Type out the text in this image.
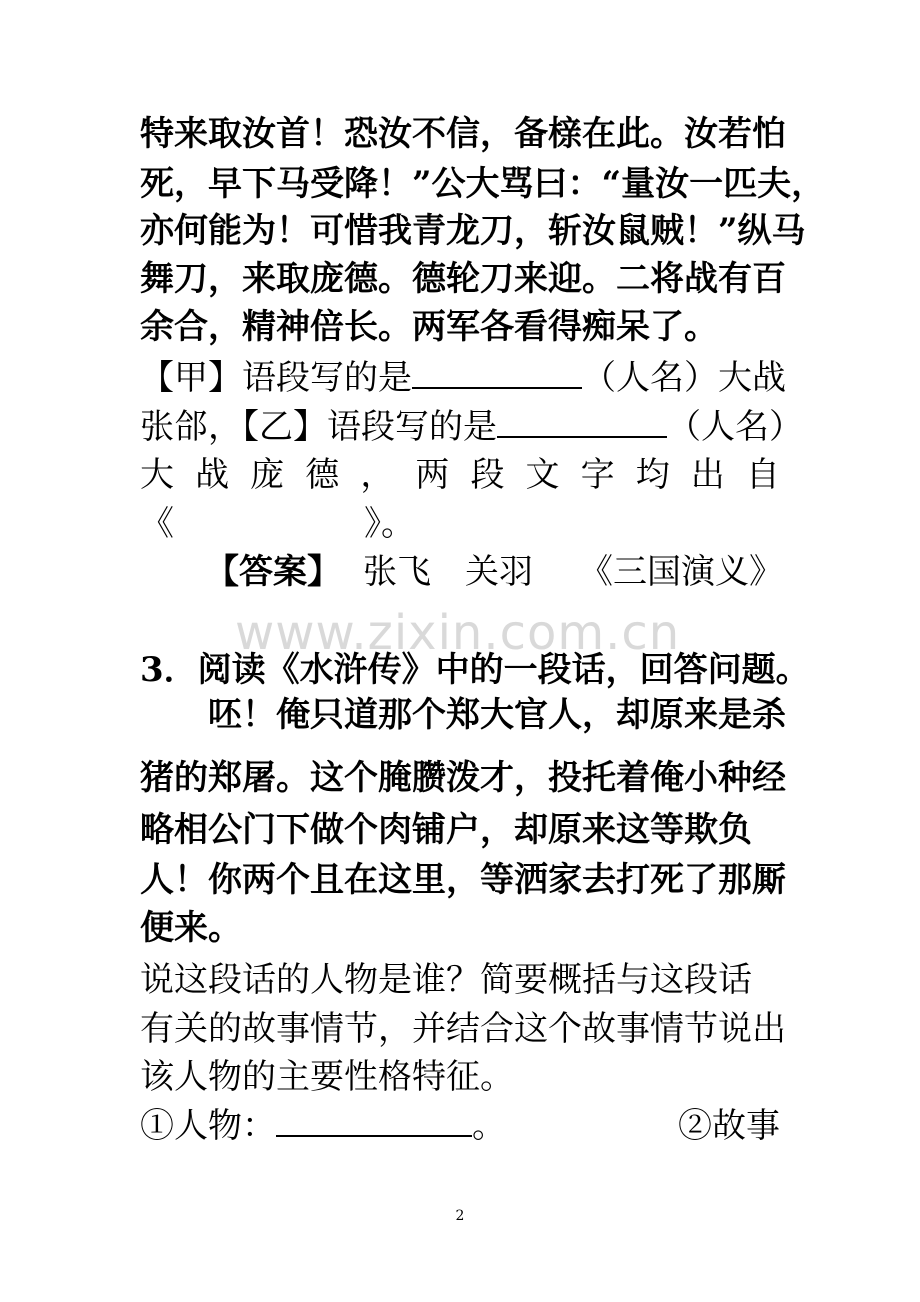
特来取汝首！恐汝不信，备榇在此。汝若怕
死，早下马受降！”公大骂曰：“量汝一匹夫，
亦何能为！可惜我青龙刀，斩汝鼠贼！”纵马
舞刀，来取庞德。德轮刀来迎。二将战有百
余合，精神倍长。两军各看得痴呆了。
【甲】语段写的是	（人名）大战
张郃，【乙】语段写的是	（人名）
大 战 庞 德 ， 两 段 文 字 均 出 自
《	》。
【答案】 张飞 关羽 《三国演义》
www.zixin.com.cn
3．阅读《水浒传》中的一段话，回答问题。
呸！俺只道那个郑大官人，却原来是杀
猪的郑屠。这个腌臜泼才，投托着俺小种经
略相公门下做个肉铺户，却原来这等欺负
人！你两个且在这里，等洒家去打死了那厮
便来。
说这段话的人物是谁？简要概括与这段话
有关的故事情节，并结合这个故事情节说出
该人物的主要性格特征。
①人物：	。	②故事
2
